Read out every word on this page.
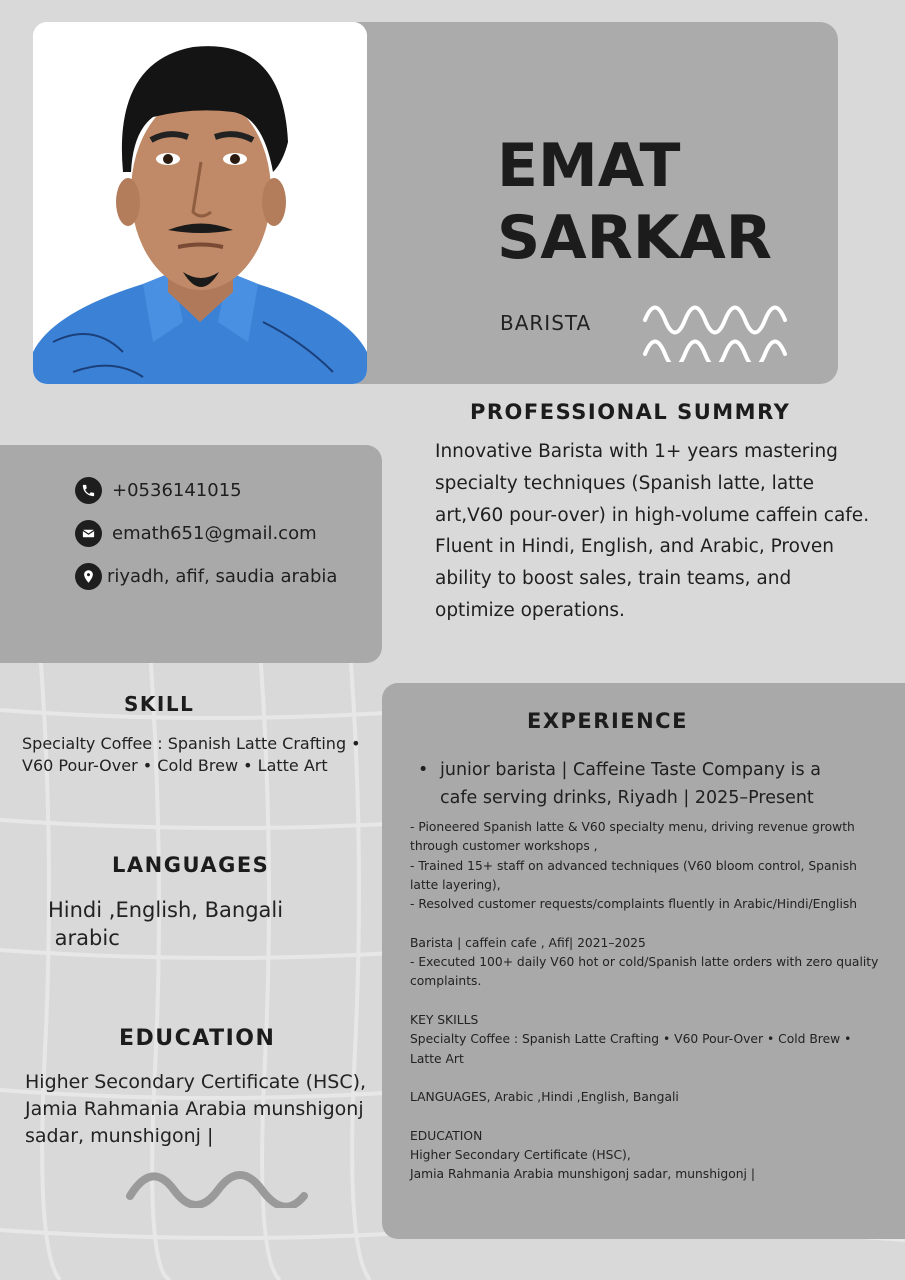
EMAT
SARKAR
BARISTA
PROFESSIONAL SUMMRY
Innovative Barista with 1+ years mastering specialty techniques (Spanish latte, latte art,V60 pour-over) in high-volume caffein cafe. Fluent in Hindi, English, and Arabic, Proven ability to boost sales, train teams, and optimize operations.
+0536141015
emath651@gmail.com
riyadh, afif, saudia arabia
SKILL
Specialty Coffee : Spanish Latte Crafting • V60 Pour-Over • Cold Brew • Latte Art
LANGUAGES
Hindi ,English, Bangali
arabic
EDUCATION
Higher Secondary Certificate (HSC),
Jamia Rahmania Arabia munshigonj
sadar, munshigonj |
EXPERIENCE
• junior barista | Caffeine Taste Company is a cafe serving drinks, Riyadh | 2025–Present
- Pioneered Spanish latte & V60 specialty menu, driving revenue growth through customer workshops ,
- Trained 15+ staff on advanced techniques (V60 bloom control, Spanish latte layering),
- Resolved customer requests/complaints fluently in Arabic/Hindi/English
Barista | caffein cafe , Afif| 2021–2025
- Executed 100+ daily V60 hot or cold/Spanish latte orders with zero quality complaints.
KEY SKILLS
Specialty Coffee : Spanish Latte Crafting • V60 Pour-Over • Cold Brew • Latte Art
LANGUAGES, Arabic ,Hindi ,English, Bangali
EDUCATION
Higher Secondary Certificate (HSC),
Jamia Rahmania Arabia munshigonj sadar, munshigonj |
